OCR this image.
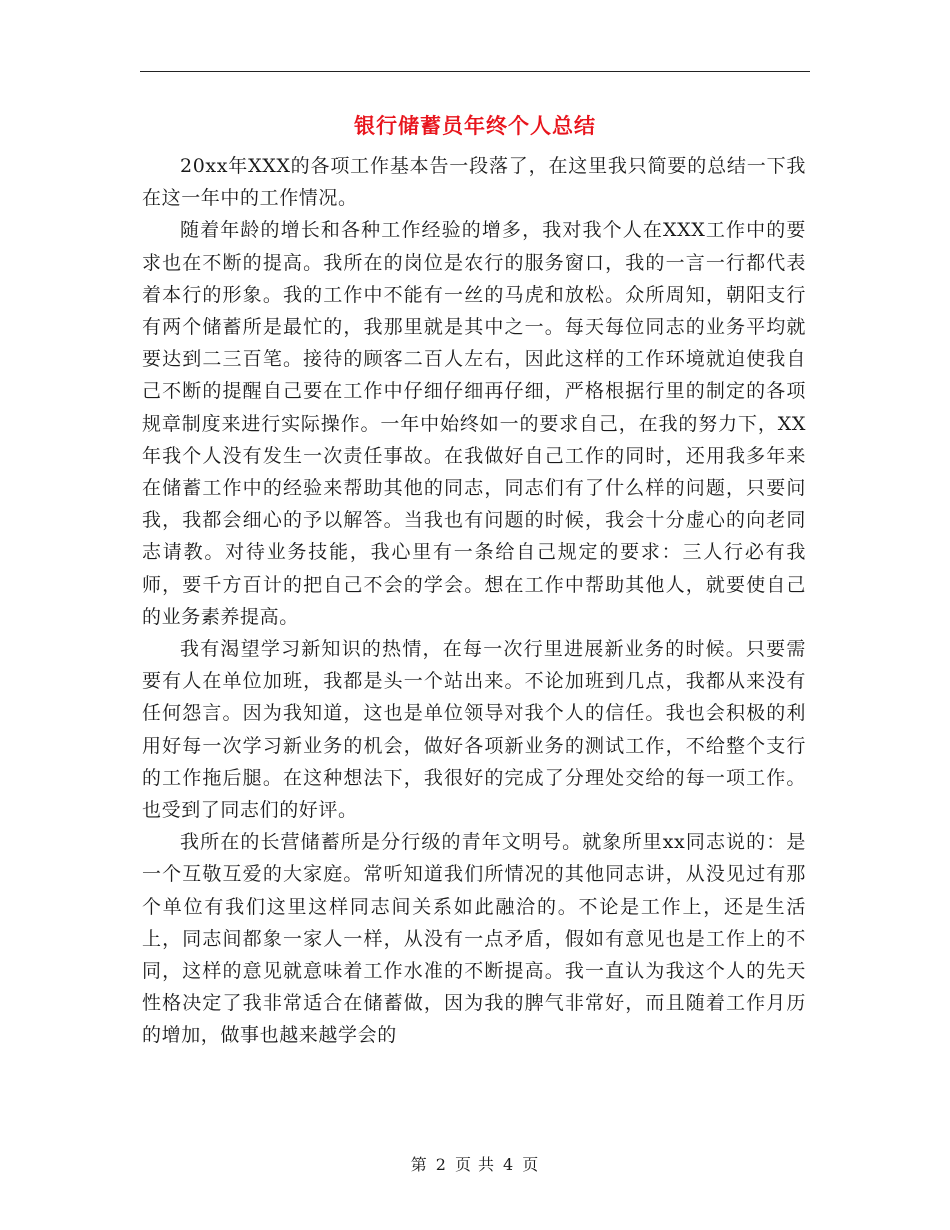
银行储蓄员年终个人总结

20xx年XXX的各项工作基本告一段落了，在这里我只简要的总结一下我在这一年中的工作情况。

随着年龄的增长和各种工作经验的增多，我对我个人在XXX工作中的要求也在不断的提高。我所在的岗位是农行的服务窗口，我的一言一行都代表着本行的形象。我的工作中不能有一丝的马虎和放松。众所周知，朝阳支行有两个储蓄所是最忙的，我那里就是其中之一。每天每位同志的业务平均就要达到二三百笔。接待的顾客二百人左右，因此这样的工作环境就迫使我自己不断的提醒自己要在工作中仔细仔细再仔细，严格根据行里的制定的各项规章制度来进行实际操作。一年中始终如一的要求自己，在我的努力下，XX年我个人没有发生一次责任事故。在我做好自己工作的同时，还用我多年来在储蓄工作中的经验来帮助其他的同志，同志们有了什么样的问题，只要问我，我都会细心的予以解答。当我也有问题的时候，我会十分虚心的向老同志请教。对待业务技能，我心里有一条给自己规定的要求：三人行必有我师，要千方百计的把自己不会的学会。想在工作中帮助其他人，就要使自己的业务素养提高。

我有渴望学习新知识的热情，在每一次行里进展新业务的时候。只要需要有人在单位加班，我都是头一个站出来。不论加班到几点，我都从来没有任何怨言。因为我知道，这也是单位领导对我个人的信任。我也会积极的利用好每一次学习新业务的机会，做好各项新业务的测试工作，不给整个支行的工作拖后腿。在这种想法下，我很好的完成了分理处交给的每一项工作。也受到了同志们的好评。

我所在的长营储蓄所是分行级的青年文明号。就象所里xx同志说的：是一个互敬互爱的大家庭。常听知道我们所情况的其他同志讲，从没见过有那个单位有我们这里这样同志间关系如此融洽的。不论是工作上，还是生活上，同志间都象一家人一样，从没有一点矛盾，假如有意见也是工作上的不同，这样的意见就意味着工作水准的不断提高。我一直认为我这个人的先天性格决定了我非常适合在储蓄做，因为我的脾气非常好，而且随着工作月历的增加，做事也越来越学会的

第 2 页 共 4 页
